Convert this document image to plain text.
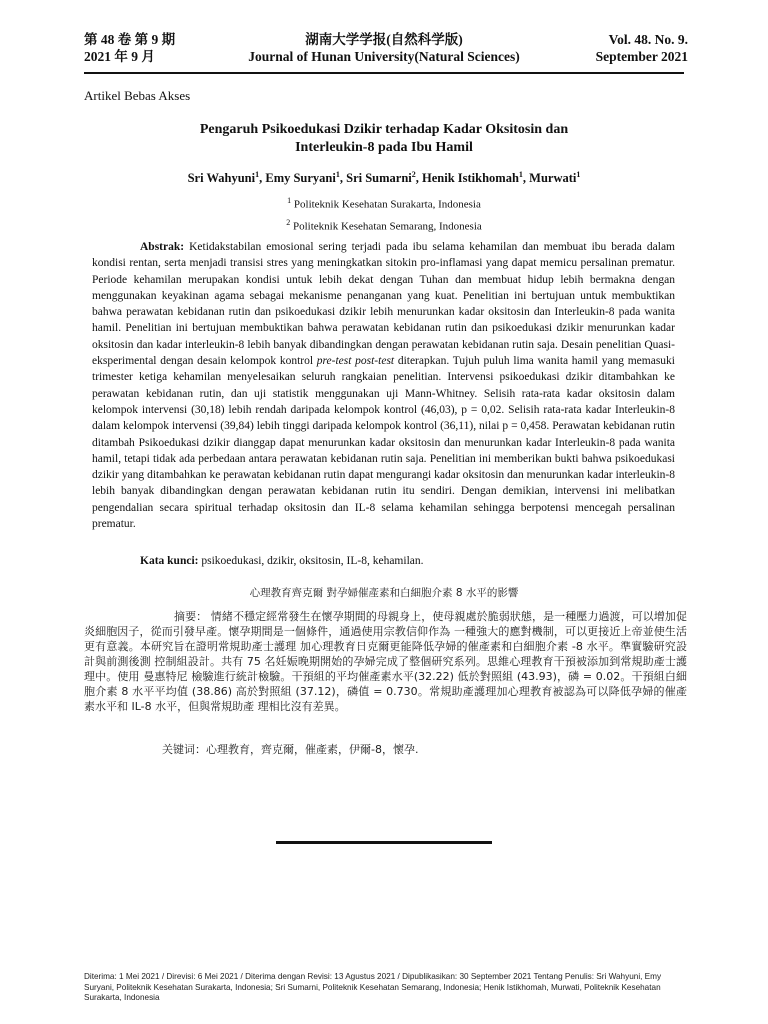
第 48 卷 第 9 期
2021 年 9 月
湖南大学学报(自然科学版)
Journal of Hunan University(Natural Sciences)
Vol. 48. No. 9.
September 2021
Artikel Bebas Akses
Pengaruh Psikoedukasi Dzikir terhadap Kadar Oksitosin dan
Interleukin-8 pada Ibu Hamil
Sri Wahyuni$^1$, Emy Suryani$^1$, Sri Sumarni$^2$, Henik Istikhomah$^1$, Murwati$^1$
$^1$ Politeknik Kesehatan Surakarta, Indonesia
$^2$ Politeknik Kesehatan Semarang, Indonesia

Abstrak: Ketidakstabilan emosional sering terjadi pada ibu selama kehamilan dan membuat ibu berada dalam kondisi rentan, serta menjadi transisi stres yang meningkatkan sitokin pro-inflamasi yang dapat memicu persalinan prematur. Periode kehamilan merupakan kondisi untuk lebih dekat dengan Tuhan dan membuat hidup lebih bermakna dengan menggunakan keyakinan agama sebagai mekanisme penanganan yang kuat. Penelitian ini bertujuan untuk membuktikan bahwa perawatan kebidanan rutin dan psikoedukasi dzikir lebih menurunkan kadar oksitosin dan Interleukin-8 pada wanita hamil. Penelitian ini bertujuan membuktikan bahwa perawatan kebidanan rutin dan psikoedukasi dzikir menurunkan kadar oksitosin dan kadar interleukin-8 lebih banyak dibandingkan dengan perawatan kebidanan rutin saja. Desain penelitian Quasi-eksperimental dengan desain kelompok kontrol pre-test post-test diterapkan. Tujuh puluh lima wanita hamil yang memasuki trimester ketiga kehamilan menyelesaikan seluruh rangkaian penelitian. Intervensi psikoedukasi dzikir ditambahkan ke perawatan kebidanan rutin, dan uji statistik menggunakan uji Mann-Whitney. Selisih rata-rata kadar oksitosin dalam kelompok intervensi (30,18) lebih rendah daripada kelompok kontrol (46,03), p = 0,02. Selisih rata-rata kadar Interleukin-8 dalam kelompok intervensi (39,84) lebih tinggi daripada kelompok kontrol (36,11), nilai p = 0,458. Perawatan kebidanan rutin ditambah Psikoedukasi dzikir dianggap dapat menurunkan kadar oksitosin dan menurunkan kadar Interleukin-8 pada wanita hamil, tetapi tidak ada perbedaan antara perawatan kebidanan rutin saja. Penelitian ini memberikan bukti bahwa psikoedukasi dzikir yang ditambahkan ke perawatan kebidanan rutin dapat mengurangi kadar oksitosin dan menurunkan kadar interleukin-8 lebih banyak dibandingkan dengan perawatan kebidanan rutin itu sendiri. Dengan demikian, intervensi ini melibatkan pengendalian secara spiritual terhadap oksitosin dan IL-8 selama kehamilan sehingga berpotensi mencegah persalinan prematur.

Kata kunci: psikoedukasi, dzikir, oksitosin, IL-8, kehamilan.
心理教育齊克爾 對孕婦催產素和白細胞介素 8 水平的影響

摘要： 情緒不穩定經常發生在懷孕期間的母親身上，使母親處於脆弱狀態，是一種壓力過渡，可以增加促炎細胞因子，從而引發早產。懷孕期間是一個條件，通過使用宗教信仰作為 一種強大的應對機制，可以更接近上帝並使生活更有意義。本研究旨在證明常規助產士護理 加心理教育日克爾更能降低孕婦的催產素和白細胞介素 -8 水平。準實驗研究設計與前測後測 控制組設計。共有 75 名妊娠晚期開始的孕婦完成了整個研究系列。思維心理教育干預被添加到常規助產士護理中。使用 曼惠特尼 檢驗進行統計檢驗。干預組的平均催產素水平(32.22) 低於對照組 (43.93)，磷 = 0.02。干預組白細胞介素 8 水平平均值 (38.86) 高於對照組 (37.12)，磷值 = 0.730。常規助產護理加心理教育被認為可以降低孕婦的催產素水平和 IL-8 水平，但與常規助產 理相比沒有差異。

关键词：心理教育，齊克爾，催產素，伊爾-8，懷孕.
Diterima: 1 Mei 2021 / Direvisi: 6 Mei 2021 / Diterima dengan Revisi: 13 Agustus 2021 / Dipublikasikan: 30 September 2021 Tentang Penulis: Sri Wahyuni, Emy Suryani, Politeknik Kesehatan Surakarta, Indonesia; Sri Sumarni, Politeknik Kesehatan Semarang, Indonesia; Henik Istikhomah, Murwati, Politeknik Kesehatan Surakarta, Indonesia
